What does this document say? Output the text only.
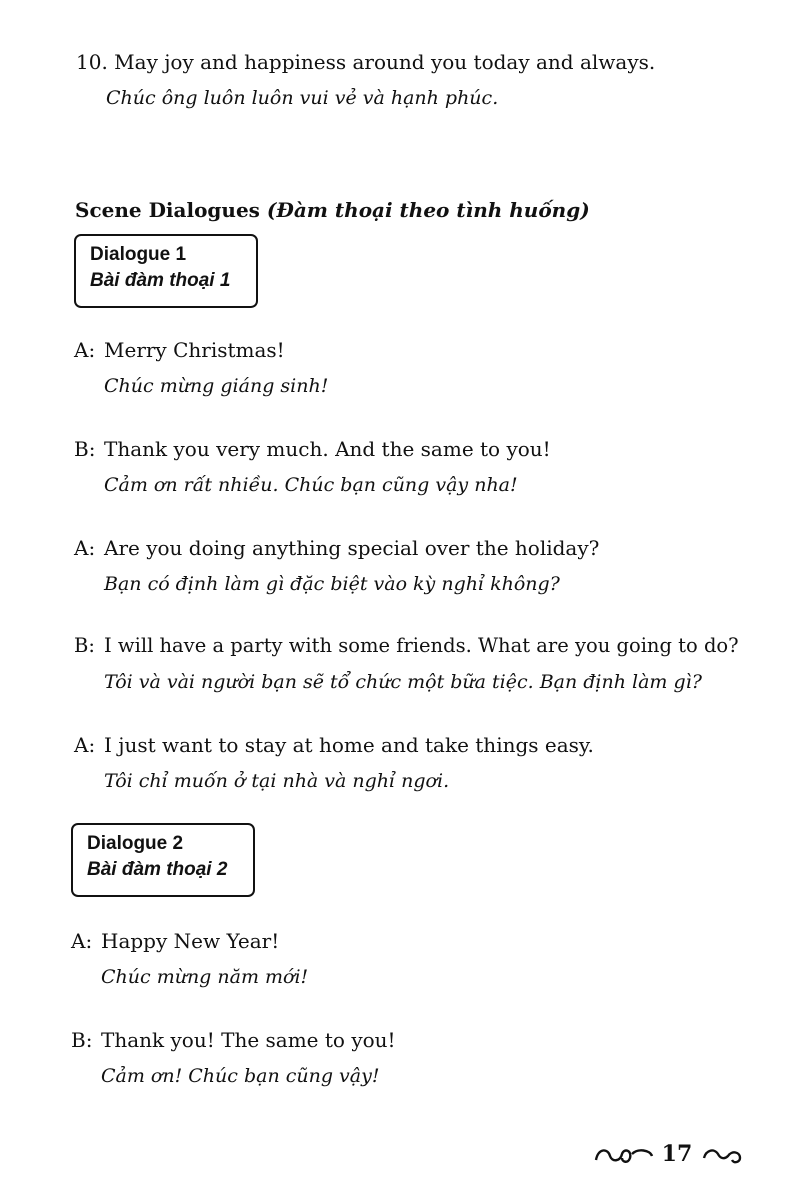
10. May joy and happiness around you today and always.
Chúc ông luôn luôn vui vẻ và hạnh phúc.
Scene Dialogues (Đàm thoại theo tình huống)
Dialogue 1
Bài đàm thoại 1
A: Merry Christmas!
Chúc mừng giáng sinh!
B: Thank you very much. And the same to you!
Cảm ơn rất nhiều. Chúc bạn cũng vậy nha!
A: Are you doing anything special over the holiday?
Bạn có định làm gì đặc biệt vào kỳ nghỉ không?
B: I will have a party with some friends. What are you going to do?
Tôi và vài người bạn sẽ tổ chức một bữa tiệc. Bạn định làm gì?
A: I just want to stay at home and take things easy.
Tôi chỉ muốn ở tại nhà và nghỉ ngơi.
Dialogue 2
Bài đàm thoại 2
A: Happy New Year!
Chúc mừng năm mới!
B: Thank you! The same to you!
Cảm ơn! Chúc bạn cũng vậy!
17
